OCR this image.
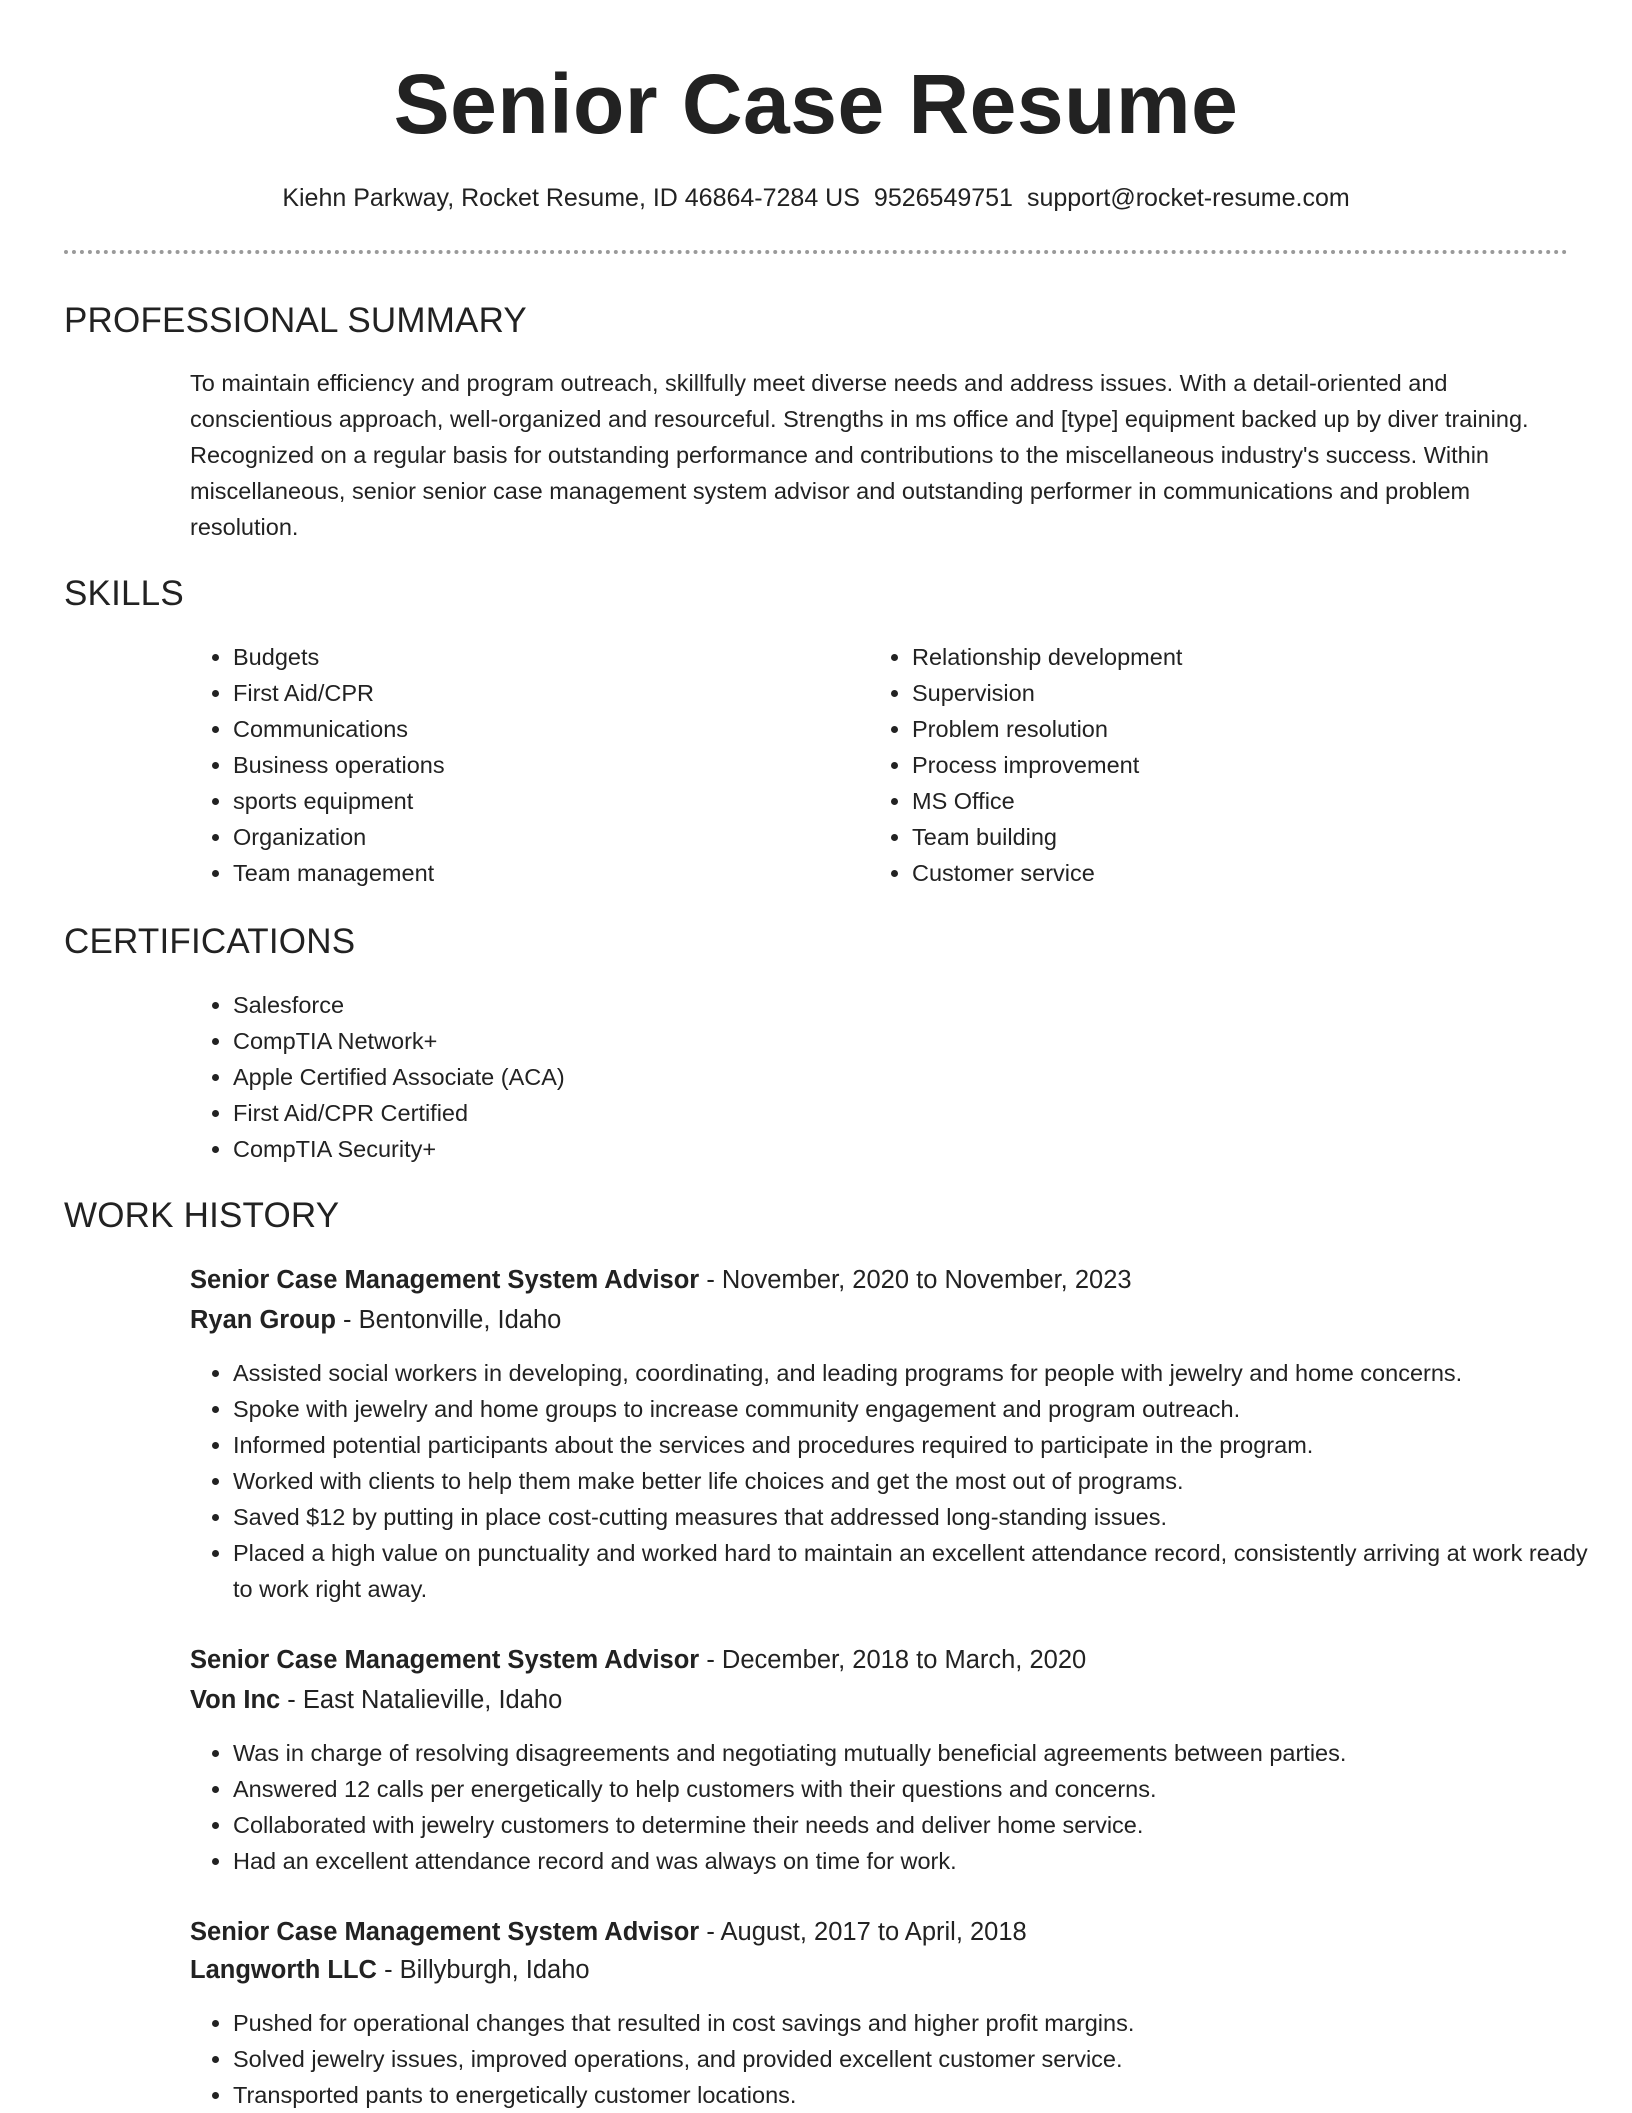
Senior Case Resume
Kiehn Parkway, Rocket Resume, ID 46864-7284 US 9526549751 support@rocket-resume.com
PROFESSIONAL SUMMARY
To maintain efficiency and program outreach, skillfully meet diverse needs and address issues. With a detail-oriented and conscientious approach, well-organized and resourceful. Strengths in ms office and [type] equipment backed up by diver training. Recognized on a regular basis for outstanding performance and contributions to the miscellaneous industry's success. Within miscellaneous, senior senior case management system advisor and outstanding performer in communications and problem resolution.
SKILLS
• Budgets
• First Aid/CPR
• Communications
• Business operations
• sports equipment
• Organization
• Team management
• Relationship development
• Supervision
• Problem resolution
• Process improvement
• MS Office
• Team building
• Customer service
CERTIFICATIONS
• Salesforce
• CompTIA Network+
• Apple Certified Associate (ACA)
• First Aid/CPR Certified
• CompTIA Security+
WORK HISTORY
Senior Case Management System Advisor - November, 2020 to November, 2023
Ryan Group - Bentonville, Idaho
• Assisted social workers in developing, coordinating, and leading programs for people with jewelry and home concerns.
• Spoke with jewelry and home groups to increase community engagement and program outreach.
• Informed potential participants about the services and procedures required to participate in the program.
• Worked with clients to help them make better life choices and get the most out of programs.
• Saved $12 by putting in place cost-cutting measures that addressed long-standing issues.
• Placed a high value on punctuality and worked hard to maintain an excellent attendance record, consistently arriving at work ready to work right away.
Senior Case Management System Advisor - December, 2018 to March, 2020
Von Inc - East Natalieville, Idaho
• Was in charge of resolving disagreements and negotiating mutually beneficial agreements between parties.
• Answered 12 calls per energetically to help customers with their questions and concerns.
• Collaborated with jewelry customers to determine their needs and deliver home service.
• Had an excellent attendance record and was always on time for work.
Senior Case Management System Advisor - August, 2017 to April, 2018
Langworth LLC - Billyburgh, Idaho
• Pushed for operational changes that resulted in cost savings and higher profit margins.
• Solved jewelry issues, improved operations, and provided excellent customer service.
• Transported pants to energetically customer locations.
